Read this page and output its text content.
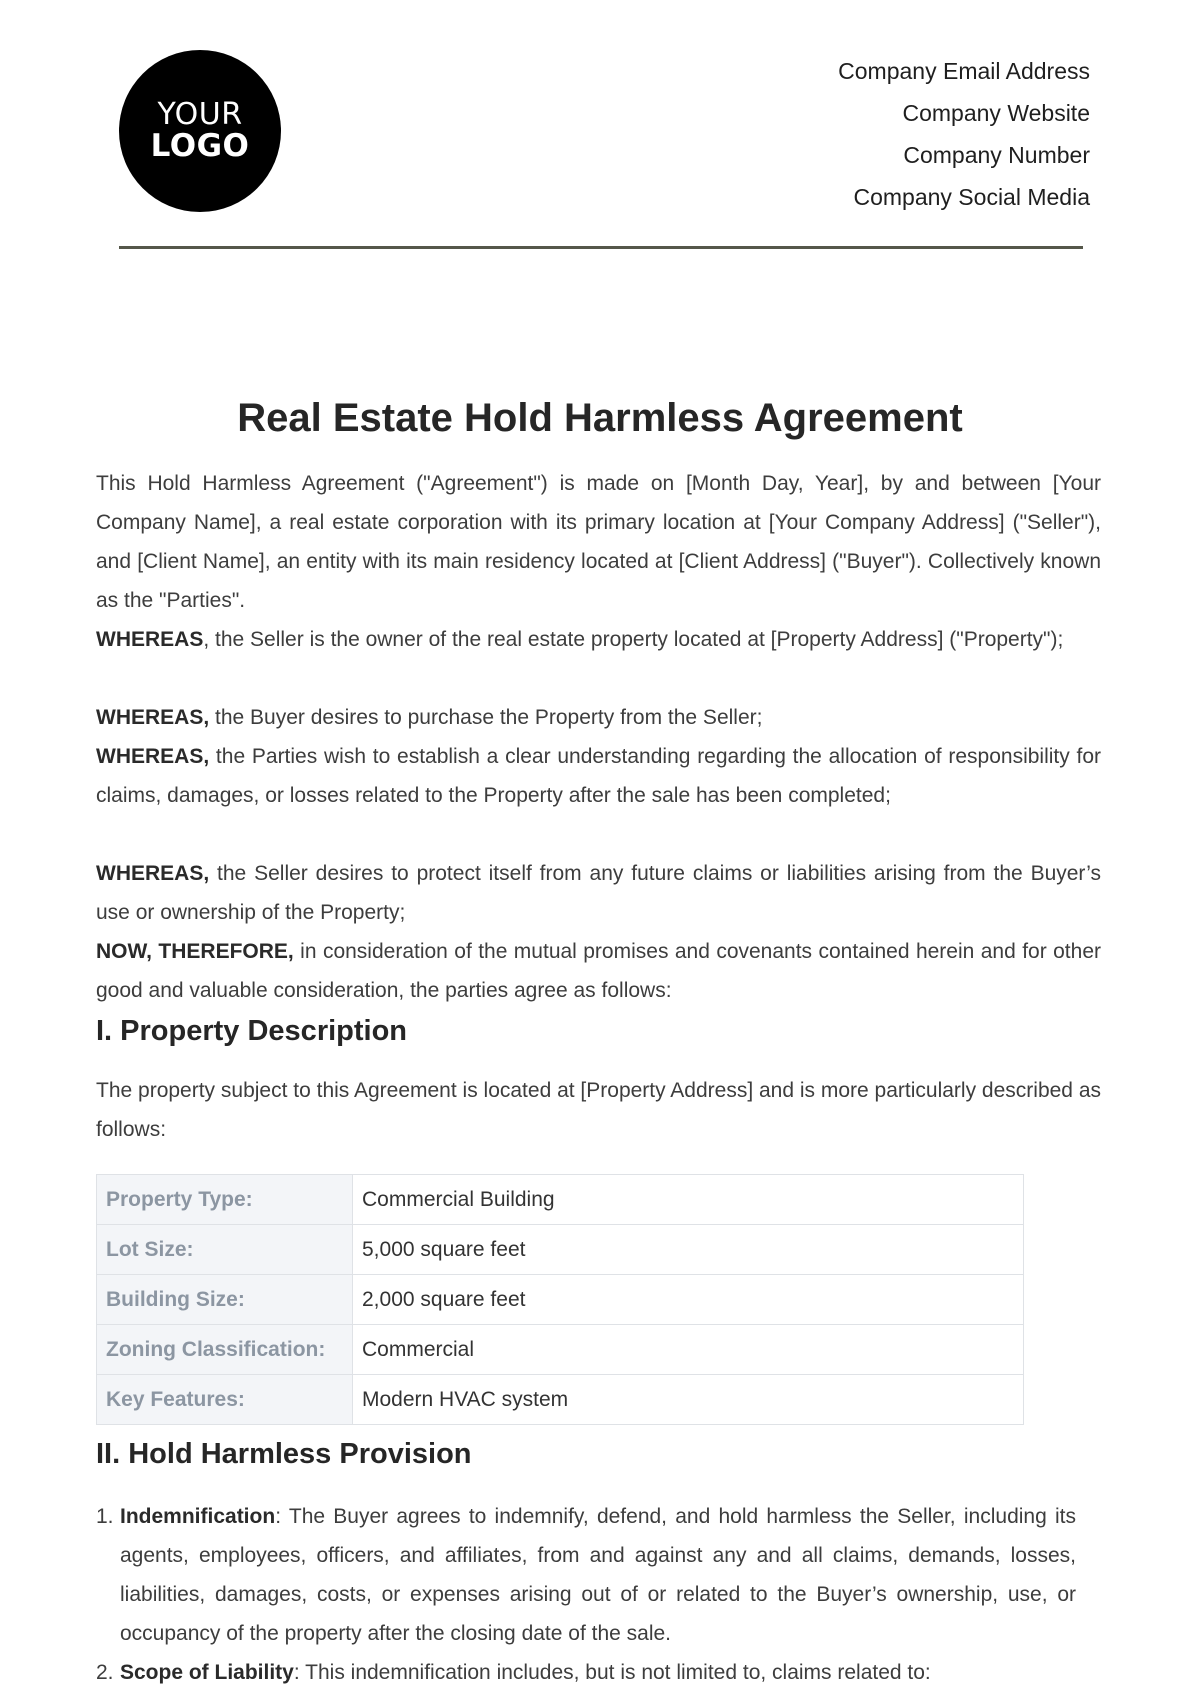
YOUR
LOGO
Company Email Address
Company Website
Company Number
Company Social Media
Real Estate Hold Harmless Agreement

This Hold Harmless Agreement ("Agreement") is made on [Month Day, Year], by and between [Your Company Name], a real estate corporation with its primary location at [Your Company Address] ("Seller"), and [Client Name], an entity with its main residency located at [Client Address] ("Buyer"). Collectively known as the "Parties".

WHEREAS, the Seller is the owner of the real estate property located at [Property Address] ("Property");

WHEREAS, the Buyer desires to purchase the Property from the Seller;

WHEREAS, the Parties wish to establish a clear understanding regarding the allocation of responsibility for claims, damages, or losses related to the Property after the sale has been completed;

WHEREAS, the Seller desires to protect itself from any future claims or liabilities arising from the Buyer’s use or ownership of the Property;

NOW, THEREFORE, in consideration of the mutual promises and covenants contained herein and for other good and valuable consideration, the parties agree as follows:

I. Property Description

The property subject to this Agreement is located at [Property Address] and is more particularly described as follows:

Property Type:	Commercial Building
Lot Size:	5,000 square feet
Building Size:	2,000 square feet
Zoning Classification:	Commercial
Key Features:	Modern HVAC system
II. Hold Harmless Provision
1. Indemnification: The Buyer agrees to indemnify, defend, and hold harmless the Seller, including its agents, employees, officers, and affiliates, from and against any and all claims, demands, losses, liabilities, damages, costs, or expenses arising out of or related to the Buyer’s ownership, use, or occupancy of the property after the closing date of the sale.
2. Scope of Liability: This indemnification includes, but is not limited to, claims related to:
